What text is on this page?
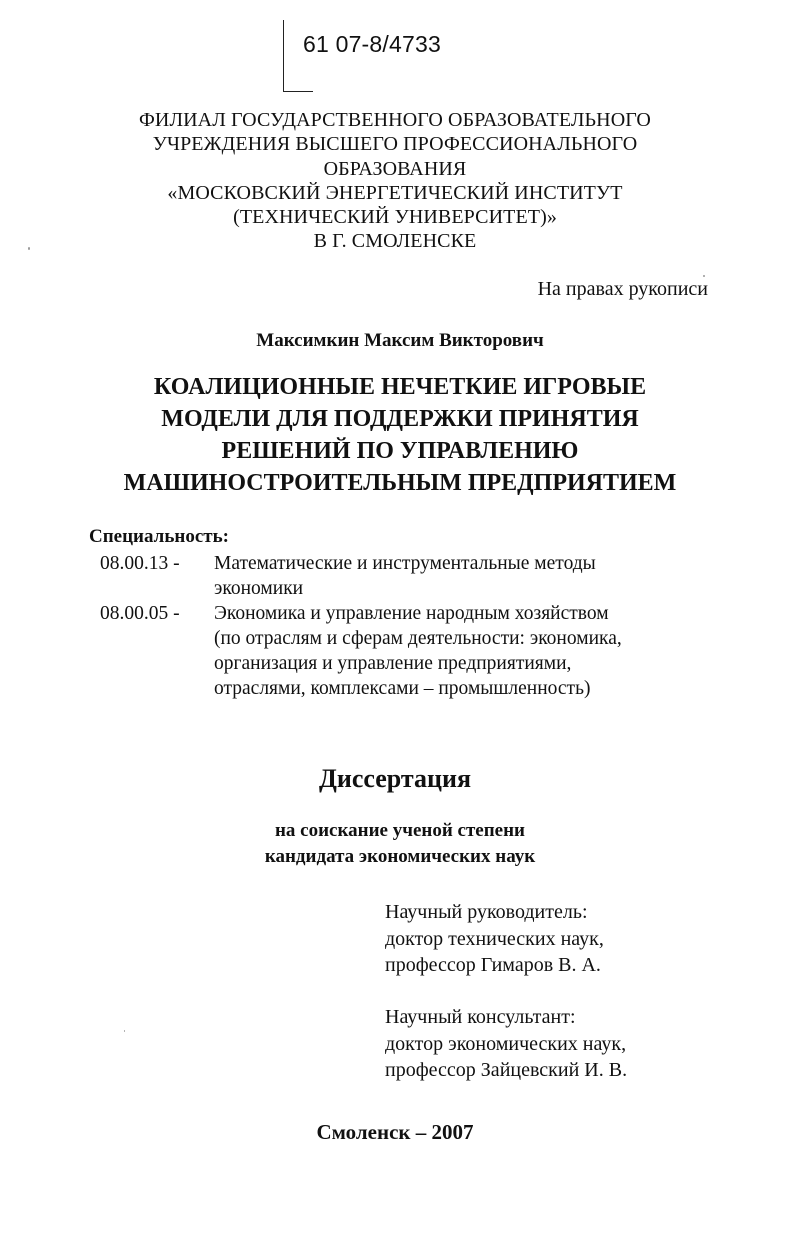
61 07-8/4733
ФИЛИАЛ ГОСУДАРСТВЕННОГО ОБРАЗОВАТЕЛЬНОГО
УЧРЕЖДЕНИЯ ВЫСШЕГО ПРОФЕССИОНАЛЬНОГО
ОБРАЗОВАНИЯ
«МОСКОВСКИЙ ЭНЕРГЕТИЧЕСКИЙ ИНСТИТУТ
(ТЕХНИЧЕСКИЙ УНИВЕРСИТЕТ)»
В Г. СМОЛЕНСКЕ
На правах рукописи
Максимкин Максим Викторович
КОАЛИЦИОННЫЕ НЕЧЕТКИЕ ИГРОВЫЕ
МОДЕЛИ ДЛЯ ПОДДЕРЖКИ ПРИНЯТИЯ
РЕШЕНИЙ ПО УПРАВЛЕНИЮ
МАШИНОСТРОИТЕЛЬНЫМ ПРЕДПРИЯТИЕМ
Специальность:
08.00.13 -	Математические и инструментальные методы
экономики
08.00.05 -	Экономика и управление народным хозяйством
(по отраслям и сферам деятельности: экономика,
организация и управление предприятиями,
отраслями, комплексами – промышленность)
Диссертация
на соискание ученой степени
кандидата экономических наук
Научный руководитель:
доктор технических наук,
профессор Гимаров В. А.
Научный консультант:
доктор экономических наук,
профессор Зайцевский И. В.
Смоленск – 2007
